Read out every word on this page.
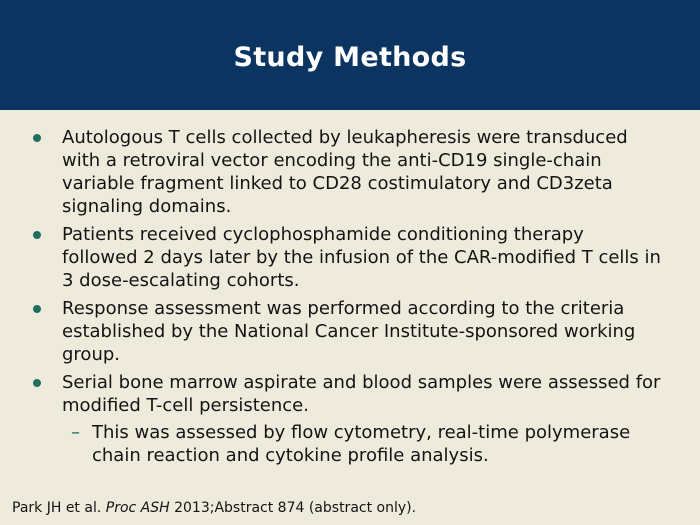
Study Methods
Autologous T cells collected by leukapheresis were transduced with a retroviral vector encoding the anti-CD19 single-chain variable fragment linked to CD28 costimulatory and CD3zeta signaling domains.
Patients received cyclophosphamide conditioning therapy followed 2 days later by the infusion of the CAR-modified T cells in 3 dose-escalating cohorts.
Response assessment was performed according to the criteria established by the National Cancer Institute-sponsored working group.
Serial bone marrow aspirate and blood samples were assessed for modified T-cell persistence.
– This was assessed by flow cytometry, real-time polymerase chain reaction and cytokine profile analysis.
Park JH et al. Proc ASH 2013;Abstract 874 (abstract only).
